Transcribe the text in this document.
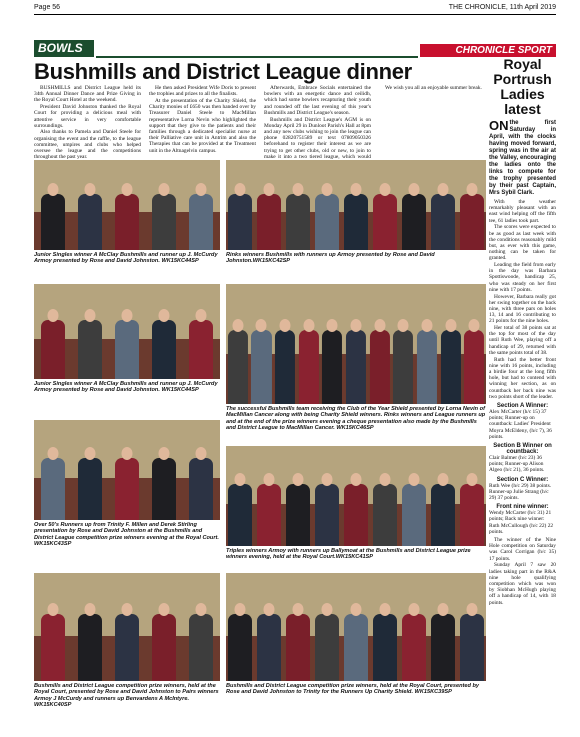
Page 56	THE CHRONICLE, 11th April 2019
BOWLS	CHRONICLE SPORT
Bushmills and District League dinner

BUSHMILLS and District League held its 34th Annual Dinner Dance and Prize Giving in the Royal Court Hotel at the weekend.

President David Johnston thanked the Royal Court for providing a delicious meal with attentive service in very comfortable surroundings.

Also thanks to Pamela and Daniel Steele for organising the event and the raffle, to the league committee, umpires and clubs who helped oversee the league and the competitions throughout the past year.

He then asked President Wife Doris to present the trophies and prizes to all the finalists.

At the presentation of the Charity Shield, the Charity monies of £650 was then handed over by Treasurer Daniel Steele to MacMillan representative Lorna Nevin who highlighted the support that they give to the patients and their families through a dedicated specialist nurse at their Palliative care unit in Antrim and also the Therapies that can be provided at the Treatment unit in the Altnagelvin campus.

Afterwards, Embrace Socials entertained the bowlers with an energetic dance and ceilidh, which had some bowlers recapturing their youth and rounded off the last evening of this year's Bushmills and District League's season.

Bushmills and District League's AGM is on Monday April 29 in Dunloot Parish's Hall at 8pm and any new clubs wishing to join the league can phone 02820751589 or text 07809050326 beforehand to register their interest as we are trying to get other clubs, old or new, to join to make it into a two tiered league, which would

We wish you all an enjoyable summer break.

Junior Singles winner A McClay Bushmills and runner up J. McCurdy Armoy presented by Rose and David Johnston. WK15KC44SP
Rinks winners Bushmills with runners up Armoy presented by Rose and David Johnston.WK15KC42SP
Junior Singles winner A McClay Bushmills and runner up J. McCurdy Armoy presented by Rose and David Johnston. WK15KC44SP
The successful Bushmills team receiving the Club of the Year Shield presented by Lorna Nevin of MacMillan Cancer along with being Charity Shield winners. Rinks winners and League runners up and at the end of the prize winners evening a cheque presentation also made by the Bushmills and District League to MacMillan Cancer. WK15KC46SP
Over 50's Runners up from Trinity F. Millen and Derek Stirling presentation by Rose and David Johnston at the Bushmills and District League competition prize winners evening at the Royal Court. WK15KC43SP
Triples winners Armoy with runners up Ballymoat at the Bushmills and District League prize winners evening, held at the Royal Court.WK15KC41SP
Bushmills and District League competition prize winners, held at the Royal Court, presented by Rose and David Johnston to Pairs winners Armoy J McCurdy and runners up Benvardens A McIntyre. WK15KC40SP
Bushmills and District League competition prize winners, held at the Royal Court, presented by Rose and David Johnston to Trinity for the Runners Up Charity Shield. WK15KC39SP
Royal Portrush Ladies latest
ON the first Saturday in April, with the clocks having moved forward, spring was in the air at the Valley, encouraging the ladies onto the links to compete for the trophy presented by their past Captain, Mrs Sybil Clark.

With the weather remarkably pleasant with an east wind helping off the fifth tee, 61 ladies took part.

The scores were expected to be as good as last week with the conditions reasonably mild but, as ever with this game, nothing can be taken for granted.

Leading the field from early in the day was Barbara Spottiswoode, handicap 25, who was steady on her first nine with 17 points.

However, Barbara really got her swing together on the back nine, with three pars on holes 13, 14 and 16 contributing to 21 points for the nine holes.

Her total of 38 points sat at the top for most of the day until Ruth Wee, playing off a handicap of 29, returned with the same points total of 38.

Ruth had the better front nine with 16 points, including a birdie four at the long fifth hole, but had to contend with winning her section, as on countback her back nine was two points short of the leader.

Section A Winner:
Alex McCarter (h/c 15) 37 points; Runner-up on countback: Ladies' President Moyra McEldeny, (h/c 7), 36 points.
Section B Winner on countback:
Clair Balmer (h/c 23) 36 points; Runner-up Alison Algeo (h/c 21), 36 points.
Section C Winner:
Ruth Wee (h/c 29) 38 points. Runner-up Julie Strang (h/c 29) 37 points.
Front nine winner:
Wendy McCarter (h/c 31) 21 points; Back nine winner: Ruth McCullough (h/c 22) 22 points.

The winner of the Nine Hole competition on Saturday was Carol Corrigan (h/c 35) 17 points.

Sunday April 7 saw 20 ladies taking part in the R&A nine hole qualifying competition which was won by Siobhan McHugh playing off a handicap of 14, with 18 points.
